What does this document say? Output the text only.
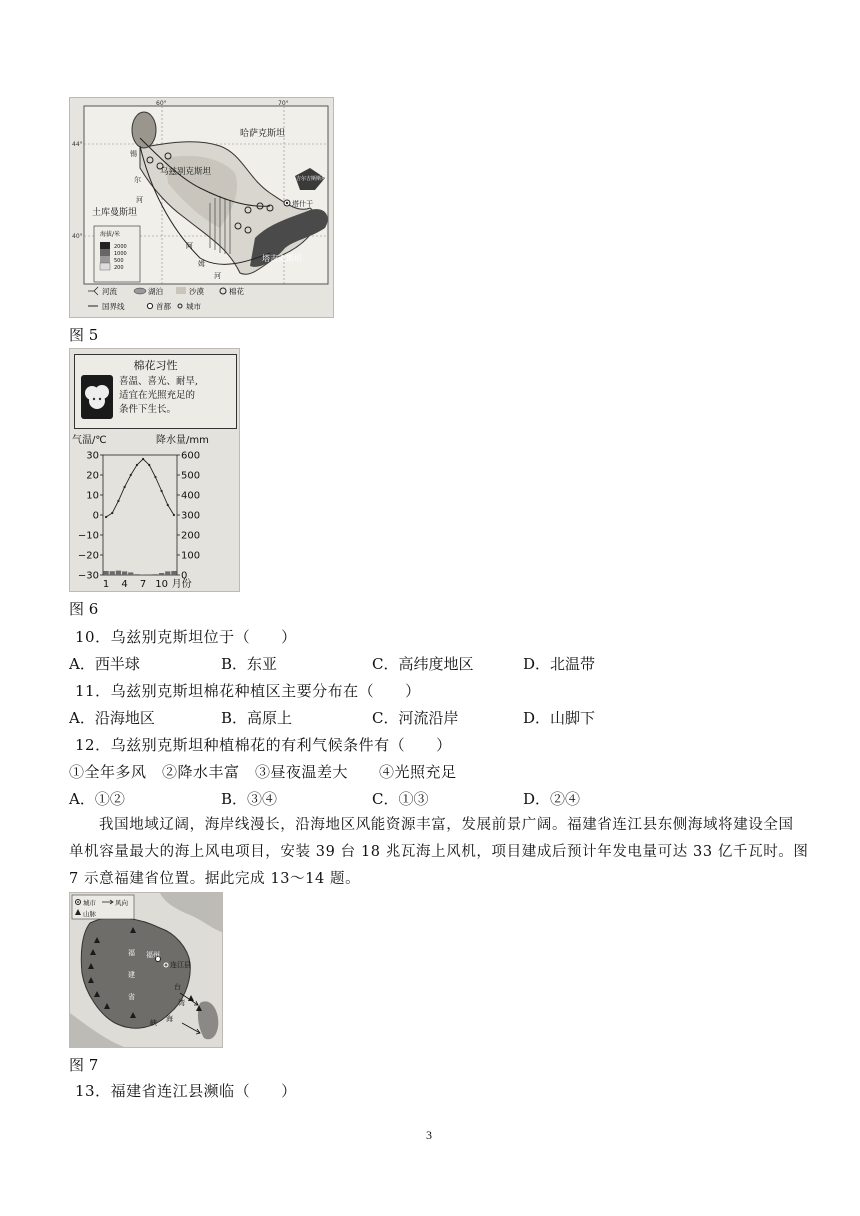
60°	70°
44°
40°
哈萨克斯坦
乌兹别克斯坦
吉尔吉斯斯坦
土库曼斯坦
塔吉克斯坦
塔什干
锡
尔
河
阿
姆
河
海拔/米
2000
1000
500
200
河流	湖泊	沙漠	棉花
国界线	首都 城市
图 5
棉花习性
喜温、喜光、耐旱,
适宜在光照充足的
条件下生长。
气温/℃	降水量/mm
30
20
10
0
−10
−20
−30
600
500
400
300
200
100
0
1 4 7 10 月份
图 6
10．乌兹别克斯坦位于（　　）
A．西半球	B．东亚	C．高纬度地区	D．北温带
11．乌兹别克斯坦棉花种植区主要分布在（　　）
A．沿海地区	B．高原上	C．河流沿岸	D．山脚下
12．乌兹别克斯坦种植棉花的有利气候条件有（　　）
①全年多风　②降水丰富　③昼夜温差大　　④光照充足
A．①②	B．③④	C．①③	D．②④
我国地域辽阔，海岸线漫长，沿海地区风能资源丰富，发展前景广阔。福建省连江县东侧海域将建设全国
单机容量最大的海上风电项目，安装 39 台 18 兆瓦海上风机，项目建成后预计年发电量可达 33 亿千瓦时。图
7 示意福建省位置。据此完成 13～14 题。
城市	风向
山脉
福州
连江县
福
建
省
台
湾
海
峡
图 7
13．福建省连江县濒临（　　）
3
